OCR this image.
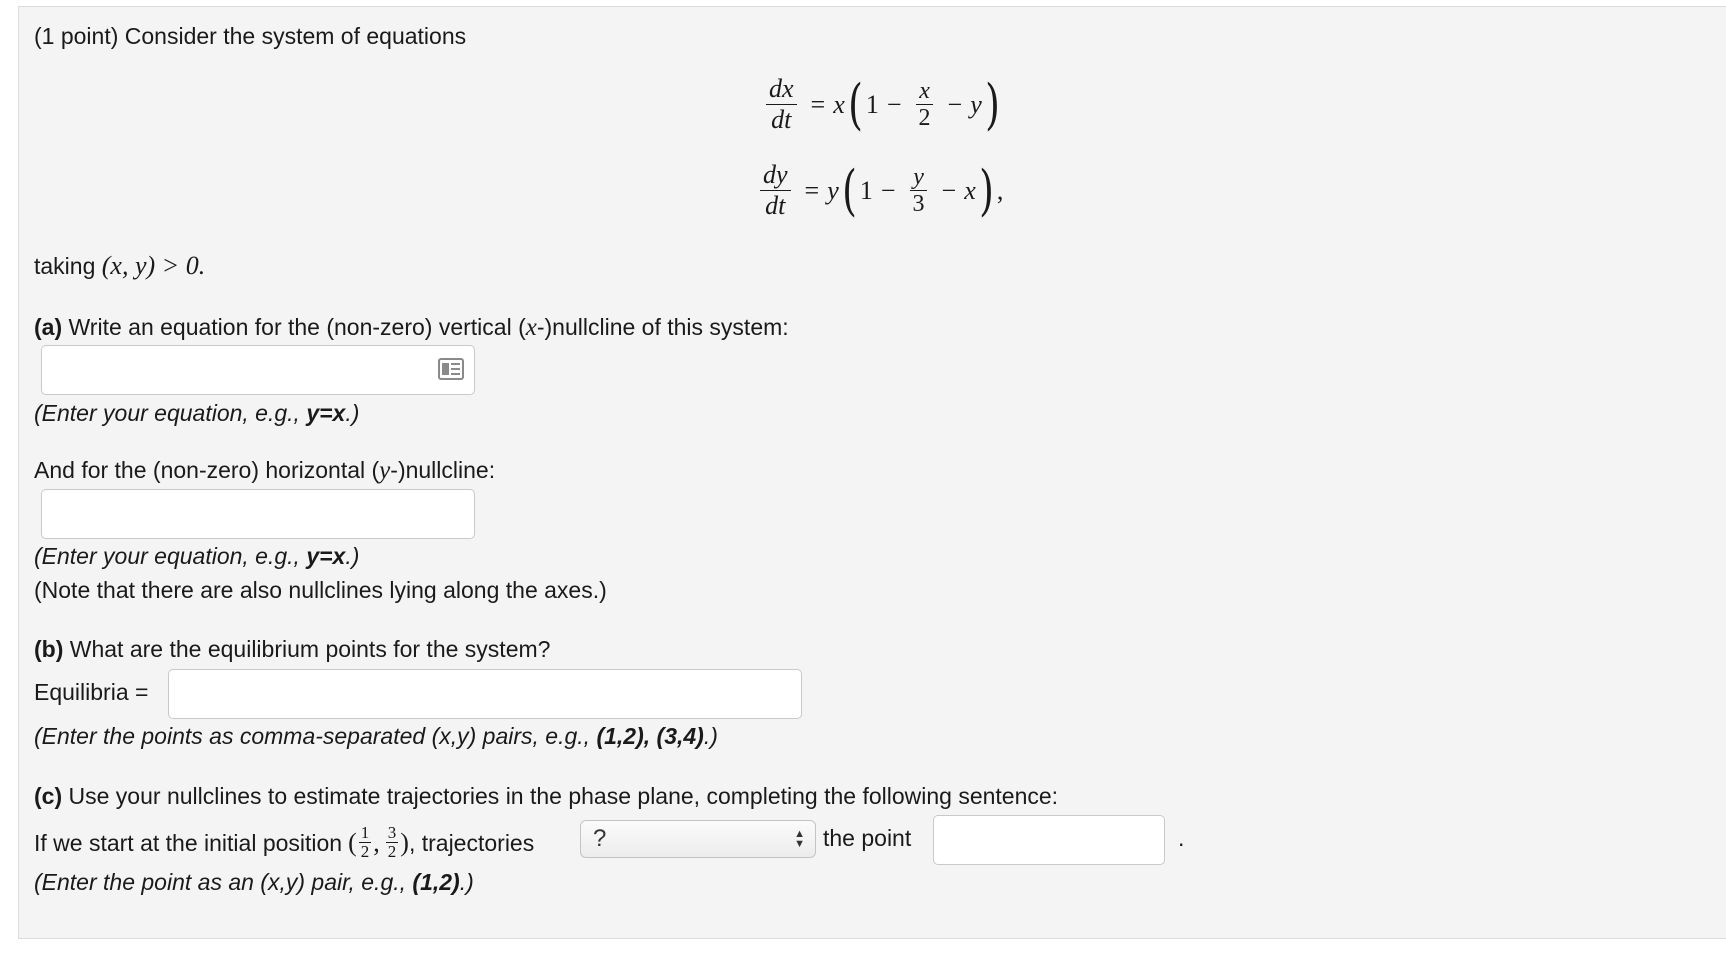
(1 point) Consider the system of equations
$\frac{dx}{dt} = x$ ( $1 - \frac{x}{2} - y$ )
$\frac{dy}{dt} = y$ ( $1 - \frac{y}{3} - x$ ) ,
taking (x, y) > 0.
(a) Write an equation for the (non-zero) vertical (x-)nullcline of this system:
(Enter your equation, e.g., y=x.)
And for the (non-zero) horizontal (y-)nullcline:
(Enter your equation, e.g., y=x.)
(Note that there are also nullclines lying along the axes.)
(b) What are the equilibrium points for the system?
Equilibria =
(Enter the points as comma-separated (x,y) pairs, e.g., (1,2), (3,4).)
(c) Use your nullclines to estimate trajectories in the phase plane, completing the following sentence:
If we start at the initial position ( $\frac{1}{2}$ , $\frac{3}{2}$ ) , trajectories	?	▲
▼ the point	.
(Enter the point as an (x,y) pair, e.g., (1,2).)
